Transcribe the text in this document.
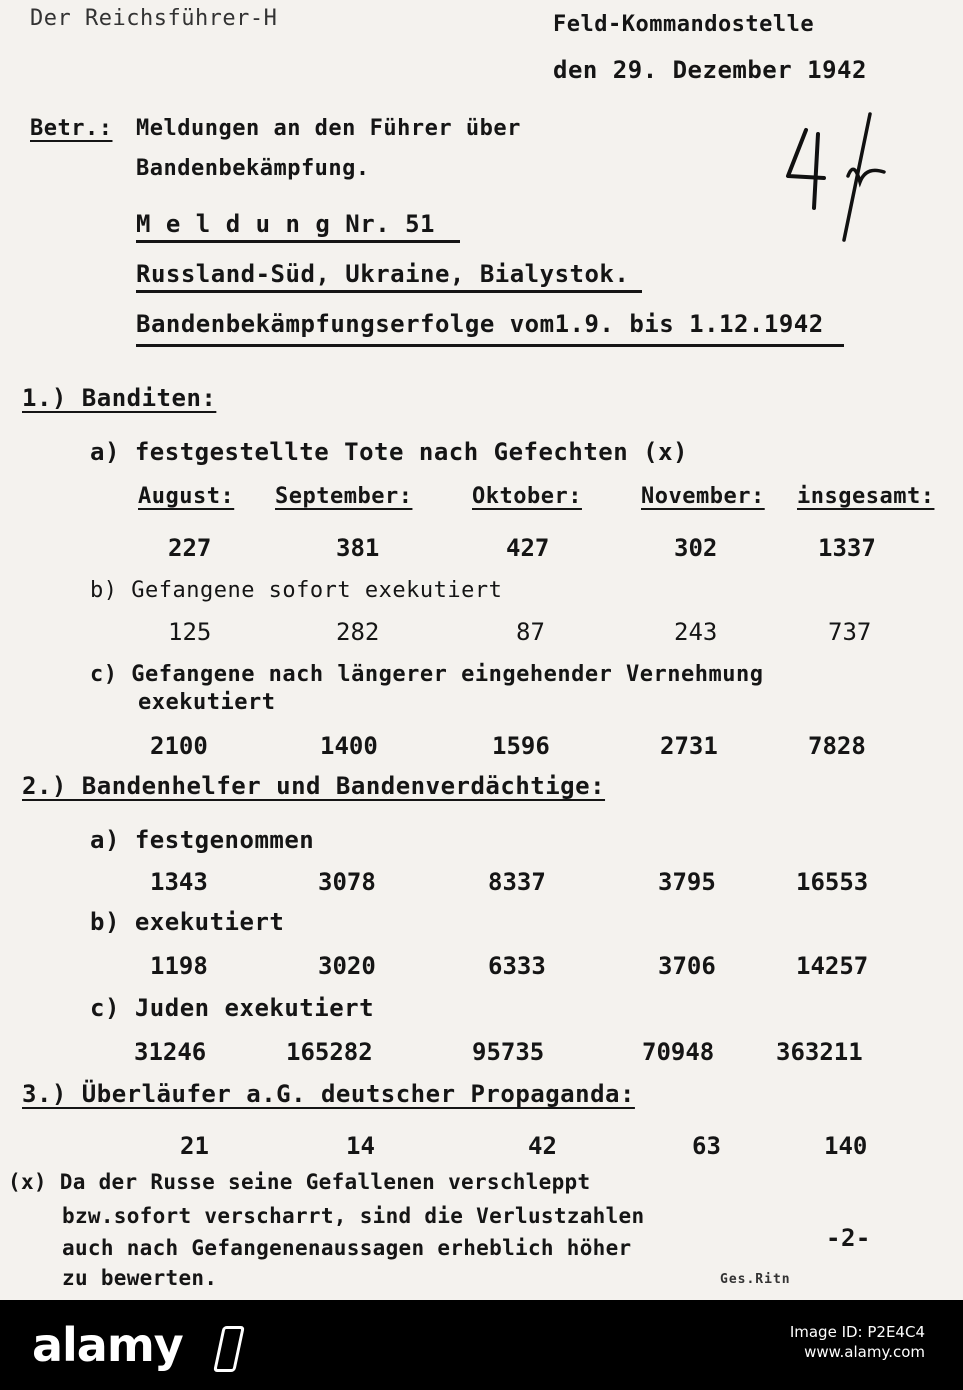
Der Reichsführer-H	Feld-Kommandostelle
den 29. Dezember 1942
Betr.: Meldungen an den Führer über
Bandenbekämpfung.
M e l d u n g Nr. 51
Russland-Süd, Ukraine, Bialystok.
Bandenbekämpfungserfolge vom1.9. bis 1.12.1942
1.) Banditen:
a) festgestellte Tote nach Gefechten (x)
August: September:	Oktober:	November: insgesamt:
227	381	427	302	1337
b) Gefangene sofort exekutiert
125	282	87	243	737
c) Gefangene nach längerer eingehender Vernehmung
exekutiert
2100	1400	1596	2731	7828
2.) Bandenhelfer und Bandenverdächtige:
a) festgenommen
1343	3078	8337	3795	16553
b) exekutiert
1198	3020	6333	3706	14257
c) Juden exekutiert
31246	165282	95735	70948	363211
3.) Überläufer a.G. deutscher Propaganda:
21	14	42	63	140
(x) Da der Russe seine Gefallenen verschleppt
bzw.sofort verscharrt, sind die Verlustzahlen
auch nach Gefangenenaussagen erheblich höher
zu bewerten.
-2-
Ges.Ritn
alamy	Image ID: P2E4C4
www.alamy.com
